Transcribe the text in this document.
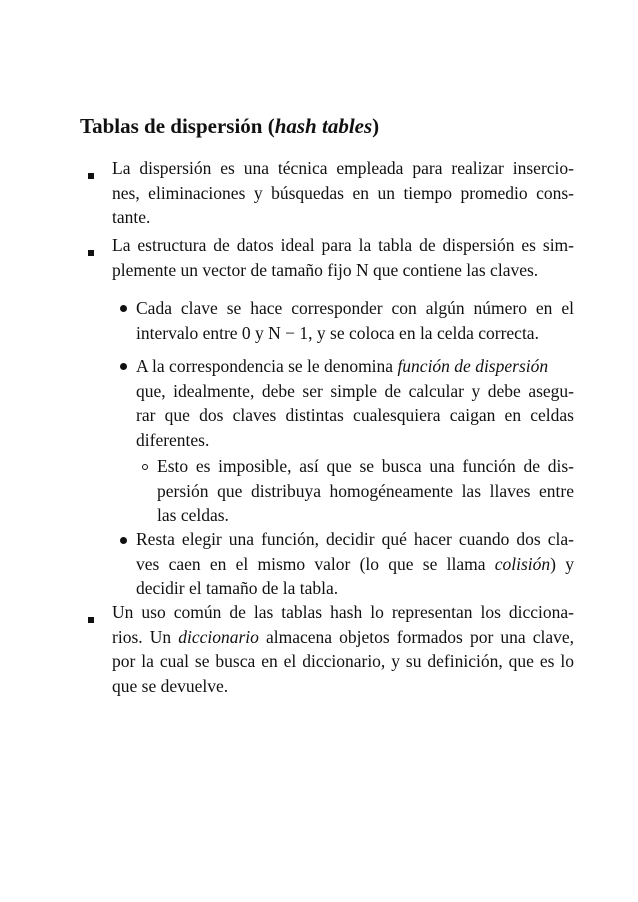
Tablas de dispersión (hash tables)
La dispersión es una técnica empleada para realizar insercio-
nes, eliminaciones y búsquedas en un tiempo promedio cons-
tante.
La estructura de datos ideal para la tabla de dispersión es sim-
plemente un vector de tamaño fijo N que contiene las claves.
Cada clave se hace corresponder con algún número en el
intervalo entre 0 y N − 1, y se coloca en la celda correcta.
A la correspondencia se le denomina función de dispersión
que, idealmente, debe ser simple de calcular y debe asegu-
rar que dos claves distintas cualesquiera caigan en celdas
diferentes.
Esto es imposible, así que se busca una función de dis-
persión que distribuya homogéneamente las llaves entre
las celdas.
Resta elegir una función, decidir qué hacer cuando dos cla-
ves caen en el mismo valor (lo que se llama colisión) y
decidir el tamaño de la tabla.
Un uso común de las tablas hash lo representan los dicciona-
rios. Un diccionario almacena objetos formados por una clave,
por la cual se busca en el diccionario, y su definición, que es lo
que se devuelve.
